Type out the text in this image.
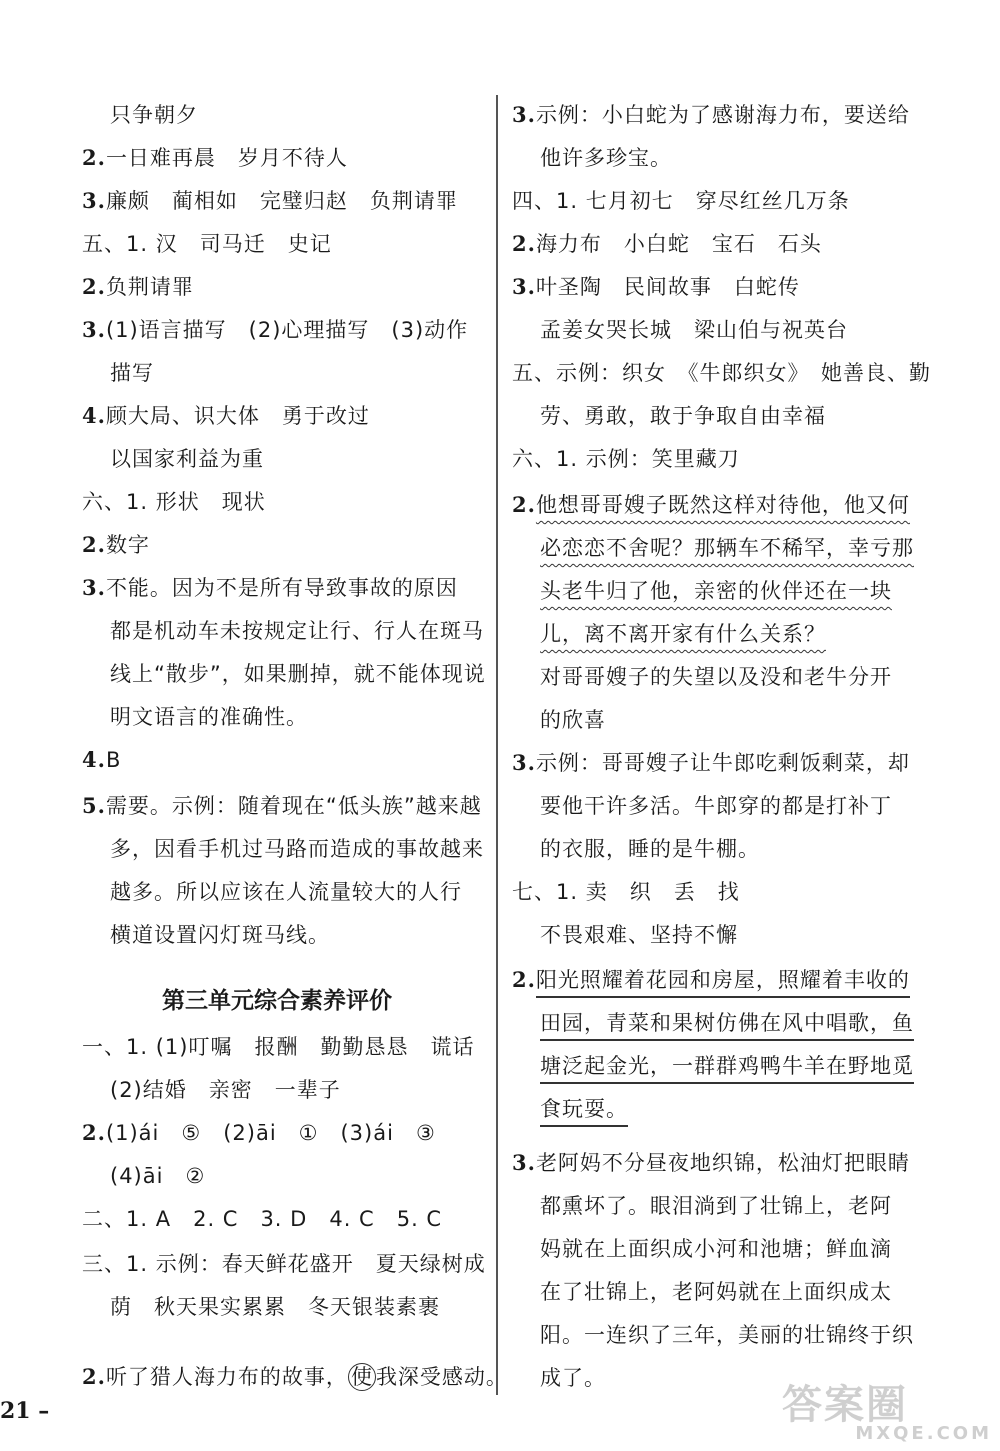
只争朝夕
2.一日难再晨　岁月不待人
3.廉颇　蔺相如　完璧归赵　负荆请罪
五、1. 汉　司马迁　史记
2.负荆请罪
3.(1)语言描写　(2)心理描写　(3)动作
描写
4.顾大局、识大体　勇于改过
以国家利益为重
六、1. 形状　现状
2.数字
3.不能。因为不是所有导致事故的原因
都是机动车未按规定让行、行人在斑马
线上“散步”，如果删掉，就不能体现说
明文语言的准确性。
4.B
5.需要。示例：随着现在“低头族”越来越
多，因看手机过马路而造成的事故越来
越多。所以应该在人流量较大的人行
横道设置闪灯斑马线。
第三单元综合素养评价
一、1. (1)叮嘱　报酬　勤勤恳恳　谎话
(2)结婚　亲密　一辈子
2.(1)ái　⑤　(2)āi　①　(3)ái　③
(4)āi　②
二、1. A　2. C　3. D　4. C　5. C
三、1. 示例：春天鲜花盛开　夏天绿树成
荫　秋天果实累累　冬天银装素裹
2.听了猎人海力布的故事， 使 我深受感动。
3.示例：小白蛇为了感谢海力布，要送给
他许多珍宝。
四、1. 七月初七　穿尽红丝几万条
2.海力布　小白蛇　宝石　石头
3.叶圣陶　民间故事　白蛇传
孟姜女哭长城　梁山伯与祝英台
五、示例：织女　《牛郎织女》　她善良、勤
劳、勇敢，敢于争取自由幸福
六、1. 示例：笑里藏刀
2.他想哥哥嫂子既然这样对待他，他又何
必恋恋不舍呢？那辆车不稀罕，幸亏那
头老牛归了他，亲密的伙伴还在一块
儿，离不离开家有什么关系？
对哥哥嫂子的失望以及没和老牛分开
的欣喜
3.示例：哥哥嫂子让牛郎吃剩饭剩菜，却
要他干许多活。牛郎穿的都是打补丁
的衣服，睡的是牛棚。
七、1. 卖　织　丢　找
不畏艰难、坚持不懈
2.阳光照耀着花园和房屋，照耀着丰收的
田园，青菜和果树仿佛在风中唱歌，鱼
塘泛起金光，一群群鸡鸭牛羊在野地觅
食玩耍。
3.老阿妈不分昼夜地织锦，松油灯把眼睛
都熏坏了。眼泪淌到了壮锦上，老阿
妈就在上面织成小河和池塘；鲜血滴
在了壮锦上，老阿妈就在上面织成太
阳。一连织了三年，美丽的壮锦终于织
成了。
21 –	答案圈
MXQE.COM
